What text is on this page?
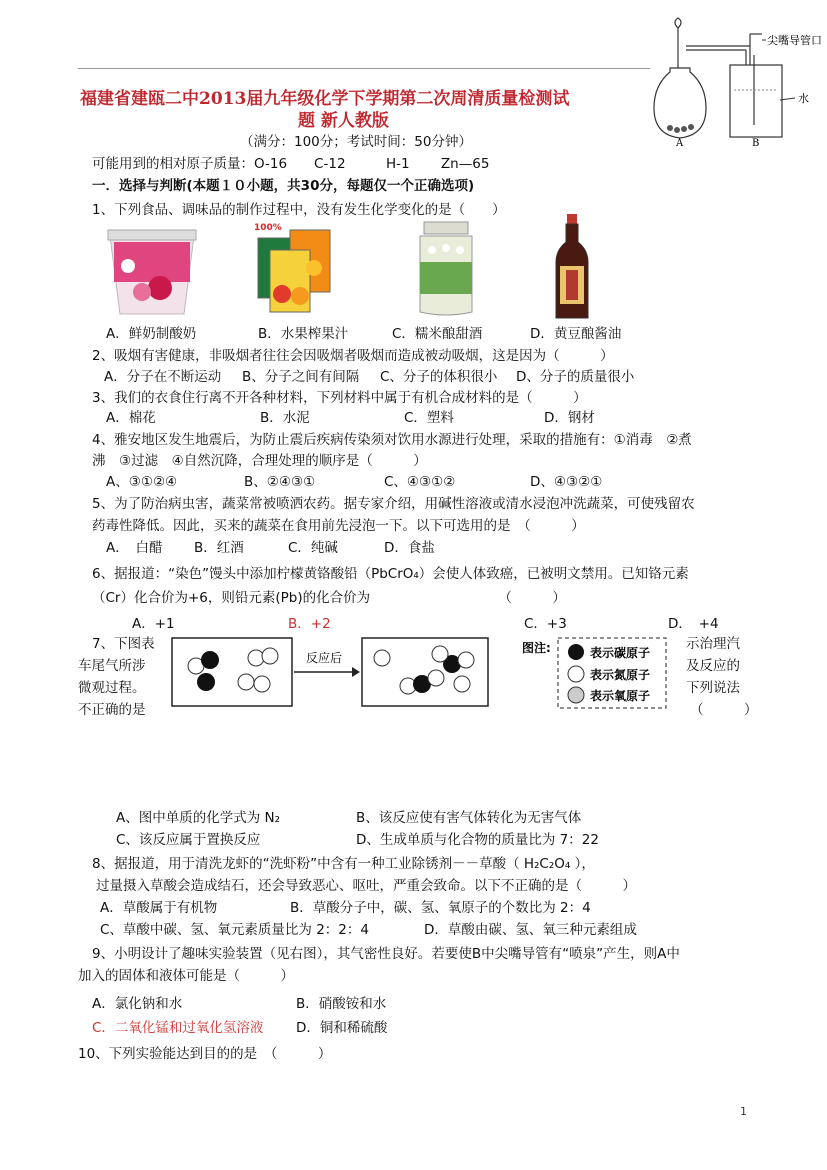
尖嘴导管口
水
A	B
福建省建瓯二中2013届九年级化学下学期第二次周清质量检测试
题 新人教版
（满分：100分；考试时间：50分钟）
可能用到的相对原子质量：O-16　　C-12　　　H-1　　 Zn—65
一．选择与判断(本题１０小题，共30分，每题仅一个正确选项)
1、下列食品、调味品的制作过程中，没有发生化学变化的是（　　）
100%
A．鲜奶制酸奶	B．水果榨果汁	C．糯米酿甜酒	D．黄豆酿酱油
2、吸烟有害健康，非吸烟者往往会因吸烟者吸烟而造成被动吸烟，这是因为（　　　）
A．分子在不断运动 B、分子之间有间隔 C、分子的体积很小 D、分子的质量很小
3、我们的衣食住行离不开各种材料，下列材料中属于有机合成材料的是（　　　）
A．棉花	B．水泥	C．塑料	D．钢材
4、雅安地区发生地震后，为防止震后疾病传染须对饮用水源进行处理，采取的措施有：①消毒　②煮
沸　③过滤　④自然沉降，合理处理的顺序是（　　　）
A、③①②④	B、②④③①	C、④③①②	D、④③②①
5、为了防治病虫害，蔬菜常被喷洒农药。据专家介绍，用碱性溶液或清水浸泡冲洗蔬菜，可使残留农
药毒性降低。因此，买来的蔬菜在食用前先浸泡一下。以下可选用的是　（　　　）
A．　白醋 B．红酒	C．纯碱	D．食盐
6、据报道：“染色”馒头中添加柠檬黄铬酸铅（PbCrO₄）会使人体致癌，已被明文禁用。已知铬元素
（Cr）化合价为+6，则铅元素(Pb)的化合价为　　　　　　　　　　（　　　）
A．+1	B．+2	C．+3	D．　+4
7、下图表
车尾气所涉
微观过程。
不正确的是
示治理汽
及反应的
下列说法
（　　　）
反应后
图注:	表示碳原子
表示氮原子
表示氧原子
A、图中单质的化学式为 N₂	B、该反应使有害气体转化为无害气体
C、该反应属于置换反应	D、生成单质与化合物的质量比为 7：22
8、据报道，用于清洗龙虾的“洗虾粉”中含有一种工业除锈剂－－草酸（ H₂C₂O₄ ），
过量摄入草酸会造成结石，还会导致恶心、呕吐，严重会致命。以下不正确的是（　　　）
A．草酸属于有机物	B．草酸分子中，碳、氢、氧原子的个数比为 2：4
C、草酸中碳、氢、氧元素质量比为 2：2：4	D．草酸由碳、氢、氧三种元素组成
9、小明设计了趣味实验装置（见右图），其气密性良好。若要使B中尖嘴导管有“喷泉”产生，则A中
加入的固体和液体可能是（　　　）
A．氯化钠和水	B．硝酸铵和水
C．二氧化锰和过氧化氢溶液 D．铜和稀硫酸
10、下列实验能达到目的的是　（　　　）
1
